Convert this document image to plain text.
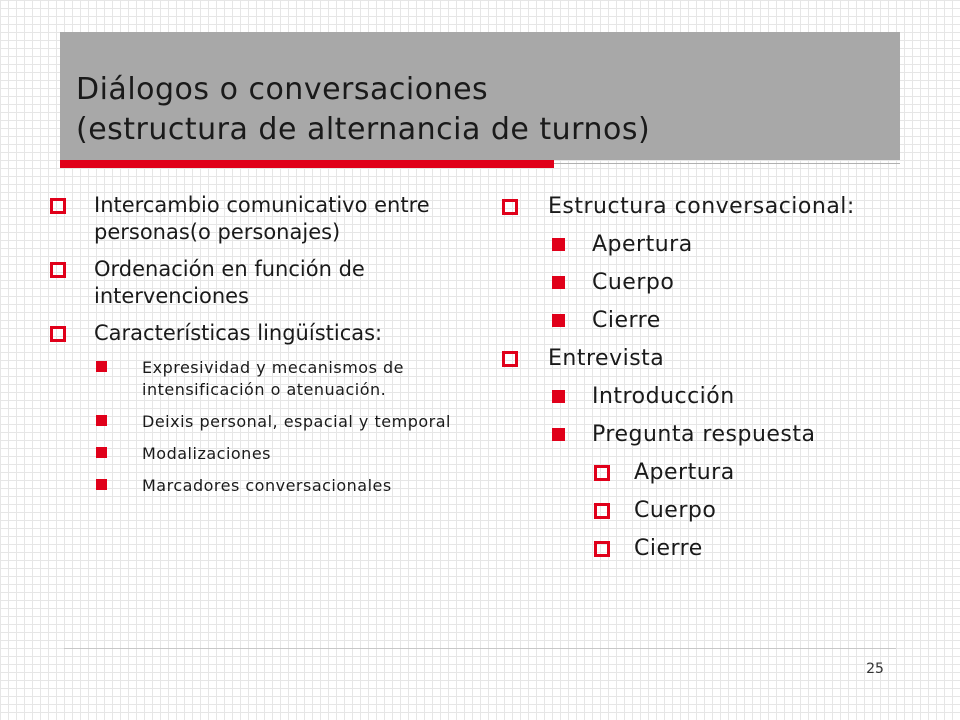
Diálogos o conversaciones
(estructura de alternancia de turnos)
Intercambio comunicativo entre personas(o personajes)
Ordenación en función de intervenciones
Características lingüísticas:
Expresividad y mecanismos de intensificación o atenuación.
Deixis personal, espacial y temporal
Modalizaciones
Marcadores conversacionales
Estructura conversacional:
Apertura
Cuerpo
Cierre
Entrevista
Introducción
Pregunta respuesta
Apertura
Cuerpo
Cierre
25
